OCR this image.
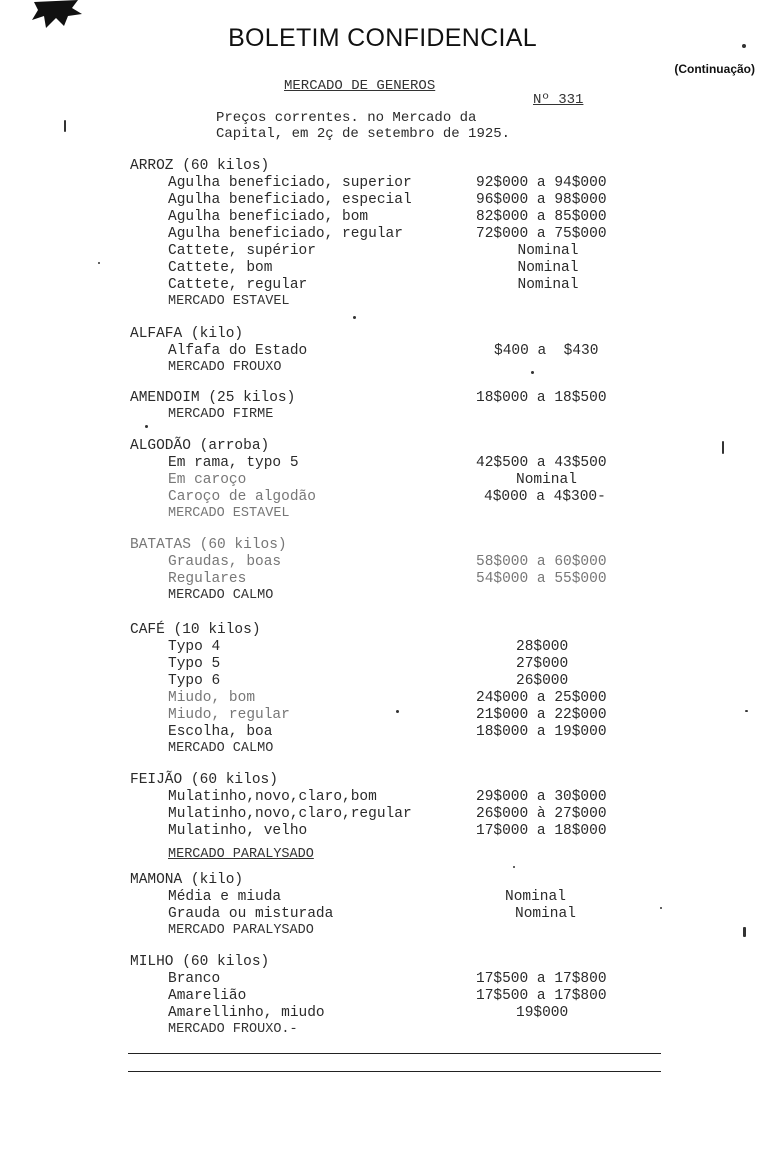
BOLETIM CONFIDENCIAL
(Continuação)
MERCADO DE GENEROS
Nº 331
Preços correntes. no Mercado da
Capital, em 2ç de setembro de 1925.
ARROZ (60 kilos)
Agulha beneficiado, superior	92$000 a 94$000
Agulha beneficiado, especial	96$000 a 98$000
Agulha beneficiado, bom	82$000 a 85$000
Agulha beneficiado, regular	72$000 a 75$000
Cattete, supérior	Nominal
Cattete, bom	Nominal
Cattete, regular	Nominal
MERCADO ESTAVEL
ALFAFA (kilo)
Alfafa do Estado	$400 a  $430
MERCADO FROUXO
AMENDOIM (25 kilos)	18$000 a 18$500
MERCADO FIRME
ALGODÃO (arroba)
Em rama, typo 5	42$500 a 43$500
Em caroço	Nominal
Caroço de algodão	4$000 a 4$300-
MERCADO ESTAVEL
BATATAS (60 kilos)
Graudas, boas	58$000 a 60$000
Regulares	54$000 a 55$000
MERCADO CALMO
CAFÉ (10 kilos)
Typo 4	28$000
Typo 5	27$000
Typo 6	26$000
Miudo, bom	24$000 a 25$000
Miudo, regular	21$000 a 22$000
Escolha, boa	18$000 a 19$000
MERCADO CALMO
FEIJÃO (60 kilos)
Mulatinho,novo,claro,bom	29$000 a 30$000
Mulatinho,novo,claro,regular	26$000 à 27$000
Mulatinho, velho	17$000 a 18$000
MERCADO PARALYSADO
MAMONA (kilo)
Média e miuda	Nominal
Grauda ou misturada	Nominal
MERCADO PARALYSADO
MILHO (60 kilos)
Branco	17$500 a 17$800
Amarelião	17$500 a 17$800
Amarellinho, miudo	19$000
MERCADO FROUXO.-
